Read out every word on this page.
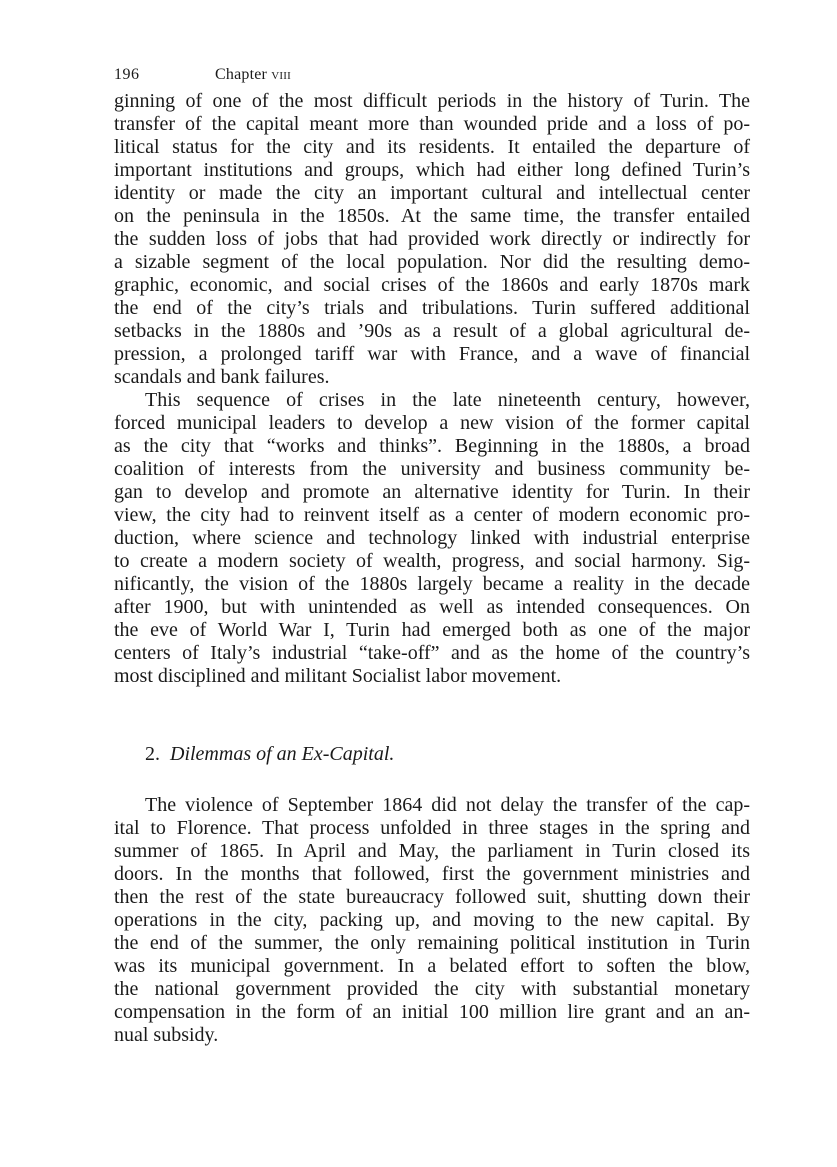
196	Chapter viii
ginning of one of the most difficult periods in the history of Turin. The
transfer of the capital meant more than wounded pride and a loss of po-
litical status for the city and its residents. It entailed the departure of
important institutions and groups, which had either long defined Turin’s
identity or made the city an important cultural and intellectual center
on the peninsula in the 1850s. At the same time, the transfer entailed
the sudden loss of jobs that had provided work directly or indirectly for
a sizable segment of the local population. Nor did the resulting demo-
graphic, economic, and social crises of the 1860s and early 1870s mark
the end of the city’s trials and tribulations. Turin suffered additional
setbacks in the 1880s and ’90s as a result of a global agricultural de-
pression, a prolonged tariff war with France, and a wave of financial
scandals and bank failures.
This sequence of crises in the late nineteenth century, however,
forced municipal leaders to develop a new vision of the former capital
as the city that “works and thinks”. Beginning in the 1880s, a broad
coalition of interests from the university and business community be-
gan to develop and promote an alternative identity for Turin. In their
view, the city had to reinvent itself as a center of modern economic pro-
duction, where science and technology linked with industrial enterprise
to create a modern society of wealth, progress, and social harmony. Sig-
nificantly, the vision of the 1880s largely became a reality in the decade
after 1900, but with unintended as well as intended consequences. On
the eve of World War I, Turin had emerged both as one of the major
centers of Italy’s industrial “take-off” and as the home of the country’s
most disciplined and militant Socialist labor movement.
2. Dilemmas of an Ex-Capital.
The violence of September 1864 did not delay the transfer of the cap-
ital to Florence. That process unfolded in three stages in the spring and
summer of 1865. In April and May, the parliament in Turin closed its
doors. In the months that followed, first the government ministries and
then the rest of the state bureaucracy followed suit, shutting down their
operations in the city, packing up, and moving to the new capital. By
the end of the summer, the only remaining political institution in Turin
was its municipal government. In a belated effort to soften the blow,
the national government provided the city with substantial monetary
compensation in the form of an initial 100 million lire grant and an an-
nual subsidy.
